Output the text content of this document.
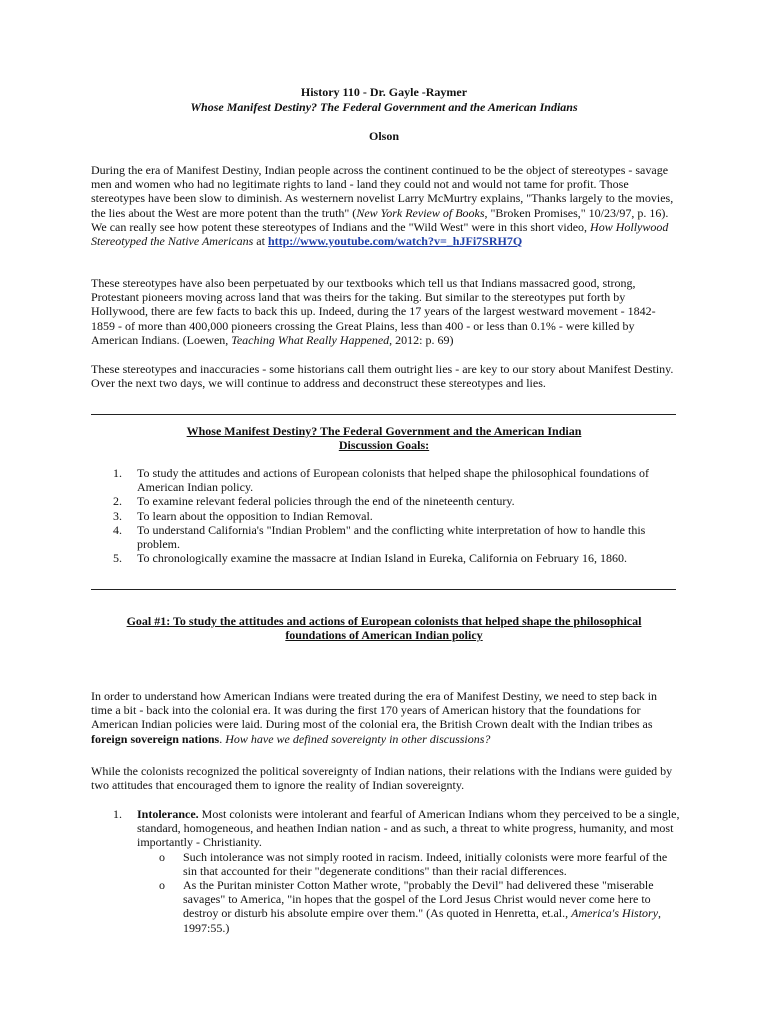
History 110 - Dr. Gayle -Raymer
Whose Manifest Destiny? The Federal Government and the American Indians
Olson
During the era of Manifest Destiny, Indian people across the continent continued to be the object of stereotypes - savage men and women who had no legitimate rights to land - land they could not and would not tame for profit. Those stereotypes have been slow to diminish. As westernern novelist Larry McMurtry explains, "Thanks largely to the movies, the lies about the West are more potent than the truth" (New York Review of Books, "Broken Promises," 10/23/97, p. 16). We can really see how potent these stereotypes of Indians and the "Wild West" were in this short video, How Hollywood Stereotyped the Native Americans at http://www.youtube.com/watch?v=_hJFi7SRH7Q
These stereotypes have also been perpetuated by our textbooks which tell us that Indians massacred good, strong, Protestant pioneers moving across land that was theirs for the taking. But similar to the stereotypes put forth by Hollywood, there are few facts to back this up. Indeed, during the 17 years of the largest westward movement - 1842-1859 - of more than 400,000 pioneers crossing the Great Plains, less than 400 - or less than 0.1% - were killed by American Indians. (Loewen, Teaching What Really Happened, 2012: p. 69)
These stereotypes and inaccuracies - some historians call them outright lies - are key to our story about Manifest Destiny. Over the next two days, we will continue to address and deconstruct these stereotypes and lies.
Whose Manifest Destiny? The Federal Government and the American Indian
Discussion Goals:
1. To study the attitudes and actions of European colonists that helped shape the philosophical foundations of American Indian policy.
2. To examine relevant federal policies through the end of the nineteenth century.
3. To learn about the opposition to Indian Removal.
4. To understand California's "Indian Problem" and the conflicting white interpretation of how to handle this problem.
5. To chronologically examine the massacre at Indian Island in Eureka, California on February 16, 1860.
Goal #1: To study the attitudes and actions of European colonists that helped shape the philosophical
foundations of American Indian policy
In order to understand how American Indians were treated during the era of Manifest Destiny, we need to step back in time a bit - back into the colonial era. It was during the first 170 years of American history that the foundations for American Indian policies were laid. During most of the colonial era, the British Crown dealt with the Indian tribes as foreign sovereign nations. How have we defined sovereignty in other discussions?
While the colonists recognized the political sovereignty of Indian nations, their relations with the Indians were guided by two attitudes that encouraged them to ignore the reality of Indian sovereignty.
1. Intolerance. Most colonists were intolerant and fearful of American Indians whom they perceived to be a single, standard, homogeneous, and heathen Indian nation - and as such, a threat to white progress, humanity, and most importantly - Christianity.
o Such intolerance was not simply rooted in racism. Indeed, initially colonists were more fearful of the sin that accounted for their "degenerate conditions" than their racial differences.
o As the Puritan minister Cotton Mather wrote, "probably the Devil" had delivered these "miserable savages" to America, "in hopes that the gospel of the Lord Jesus Christ would never come here to destroy or disturb his absolute empire over them." (As quoted in Henretta, et.al., America's History, 1997:55.)
